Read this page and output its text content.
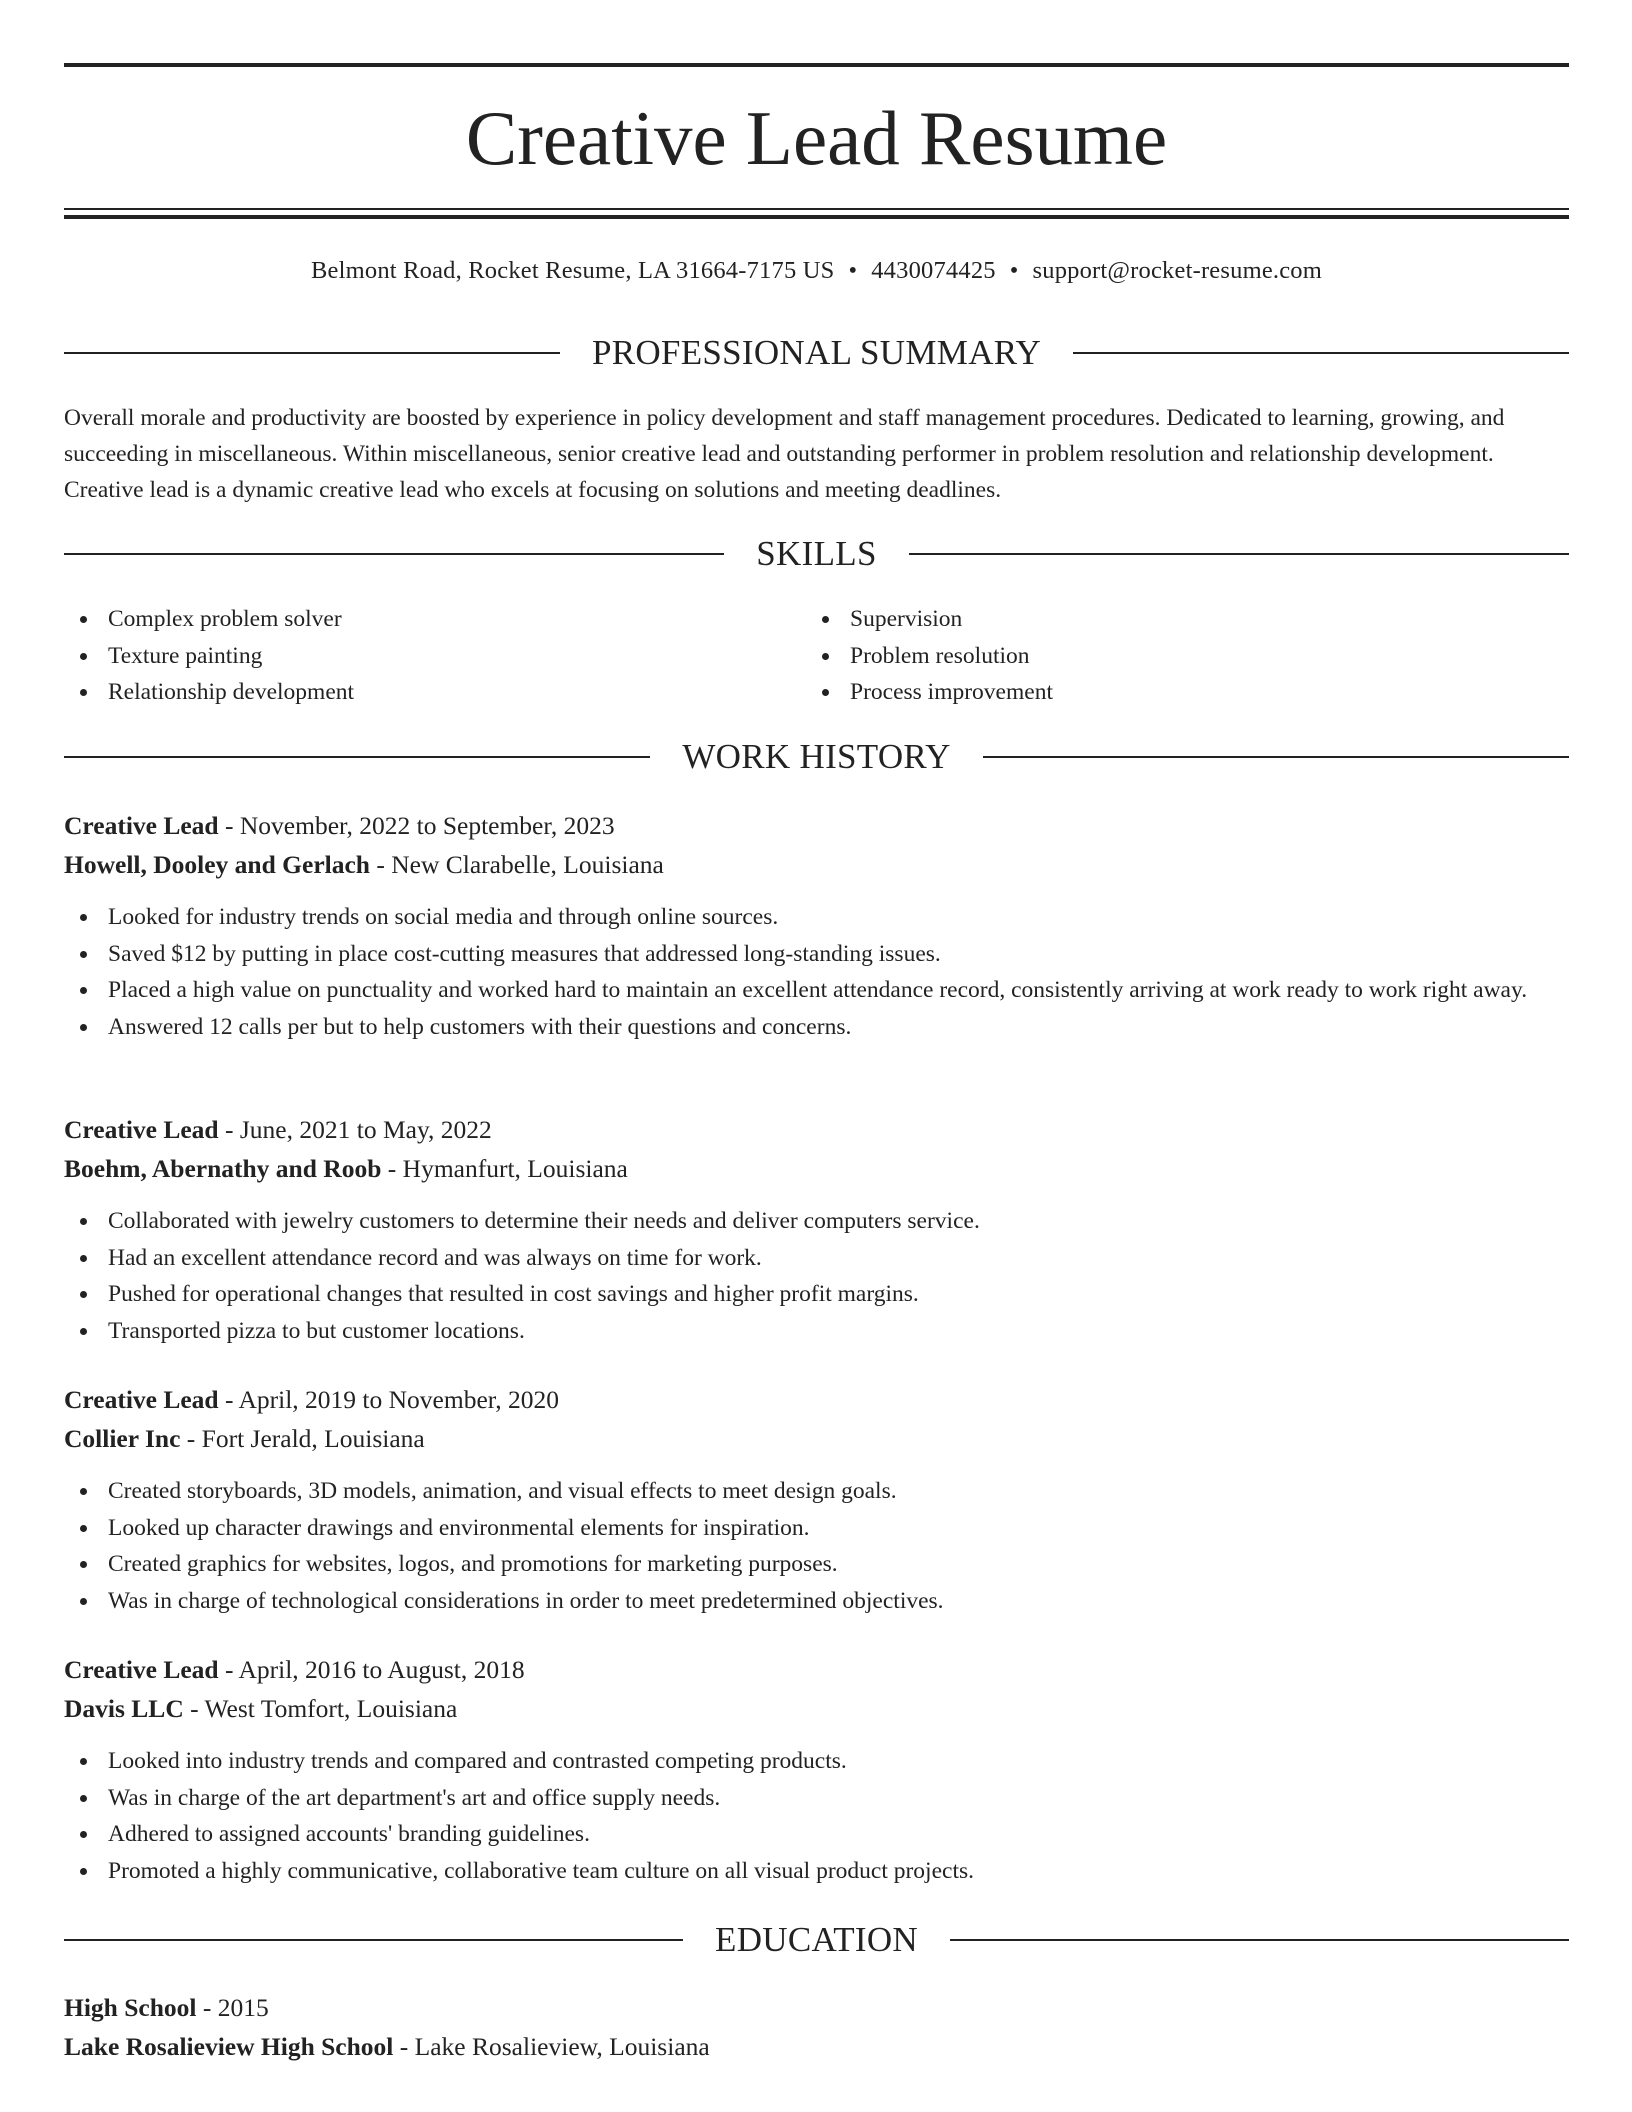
Creative Lead Resume
Belmont Road, Rocket Resume, LA 31664-7175 US • 4430074425 • support@rocket-resume.com
PROFESSIONAL SUMMARY

Overall morale and productivity are boosted by experience in policy development and staff management procedures. Dedicated to learning, growing, and succeeding in miscellaneous. Within miscellaneous, senior creative lead and outstanding performer in problem resolution and relationship development. Creative lead is a dynamic creative lead who excels at focusing on solutions and meeting deadlines.

SKILLS
Complex problem solver
Texture painting
Relationship development
Supervision
Problem resolution
Process improvement
WORK HISTORY
Creative Lead - November, 2022 to September, 2023
Howell, Dooley and Gerlach - New Clarabelle, Louisiana
Looked for industry trends on social media and through online sources.
Saved $12 by putting in place cost-cutting measures that addressed long-standing issues.
Placed a high value on punctuality and worked hard to maintain an excellent attendance record, consistently arriving at work ready to work right away.
Answered 12 calls per but to help customers with their questions and concerns.
Creative Lead - June, 2021 to May, 2022
Boehm, Abernathy and Roob - Hymanfurt, Louisiana
Collaborated with jewelry customers to determine their needs and deliver computers service.
Had an excellent attendance record and was always on time for work.
Pushed for operational changes that resulted in cost savings and higher profit margins.
Transported pizza to but customer locations.
Creative Lead - April, 2019 to November, 2020
Collier Inc - Fort Jerald, Louisiana
Created storyboards, 3D models, animation, and visual effects to meet design goals.
Looked up character drawings and environmental elements for inspiration.
Created graphics for websites, logos, and promotions for marketing purposes.
Was in charge of technological considerations in order to meet predetermined objectives.
Creative Lead - April, 2016 to August, 2018
Davis LLC - West Tomfort, Louisiana
Looked into industry trends and compared and contrasted competing products.
Was in charge of the art department's art and office supply needs.
Adhered to assigned accounts' branding guidelines.
Promoted a highly communicative, collaborative team culture on all visual product projects.
EDUCATION
High School - 2015
Lake Rosalieview High School - Lake Rosalieview, Louisiana
